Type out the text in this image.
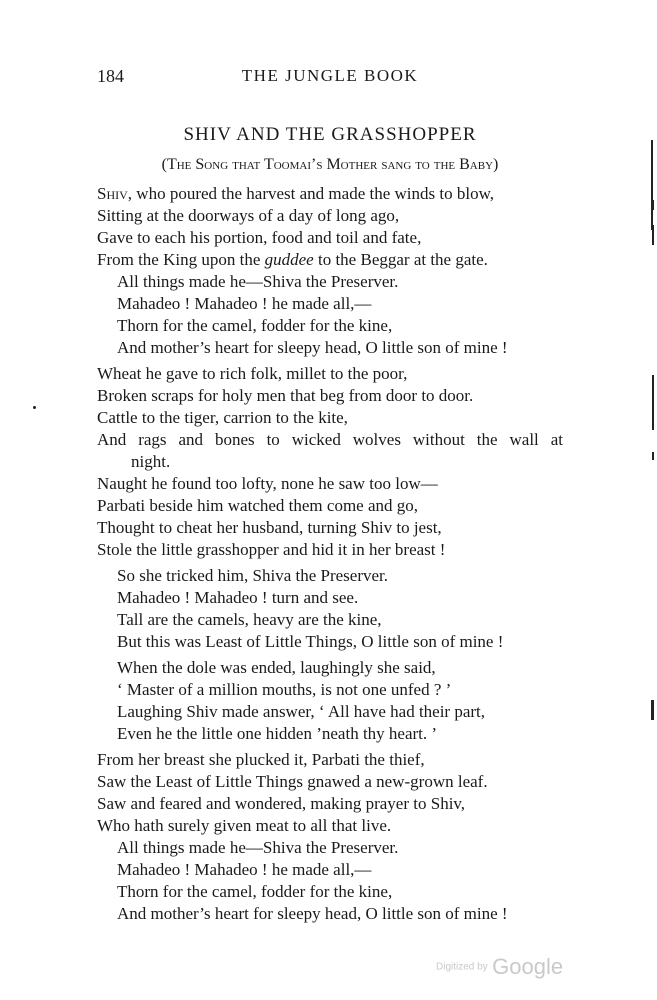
184	THE JUNGLE BOOK
SHIV AND THE GRASSHOPPER
(The Song that Toomai’s Mother sang to the Baby)
Shiv, who poured the harvest and made the winds to blow,
Sitting at the doorways of a day of long ago,
Gave to each his portion, food and toil and fate,
From the King upon the guddee to the Beggar at the gate.
All things made he—Shiva the Preserver.
Mahadeo ! Mahadeo ! he made all,—
Thorn for the camel, fodder for the kine,
And mother’s heart for sleepy head, O little son of mine !
Wheat he gave to rich folk, millet to the poor,
Broken scraps for holy men that beg from door to door.
Cattle to the tiger, carrion to the kite,
And rags and bones to wicked wolves without the wall at
night.
Naught he found too lofty, none he saw too low—
Parbati beside him watched them come and go,
Thought to cheat her husband, turning Shiv to jest,
Stole the little grasshopper and hid it in her breast !
So she tricked him, Shiva the Preserver.
Mahadeo ! Mahadeo ! turn and see.
Tall are the camels, heavy are the kine,
But this was Least of Little Things, O little son of mine !
When the dole was ended, laughingly she said,
‘ Master of a million mouths, is not one unfed ? ’
Laughing Shiv made answer, ‘ All have had their part,
Even he the little one hidden ’neath thy heart. ’
From her breast she plucked it, Parbati the thief,
Saw the Least of Little Things gnawed a new-grown leaf.
Saw and feared and wondered, making prayer to Shiv,
Who hath surely given meat to all that live.
All things made he—Shiva the Preserver.
Mahadeo ! Mahadeo ! he made all,—
Thorn for the camel, fodder for the kine,
And mother’s heart for sleepy head, O little son of mine !
Digitized by Google
